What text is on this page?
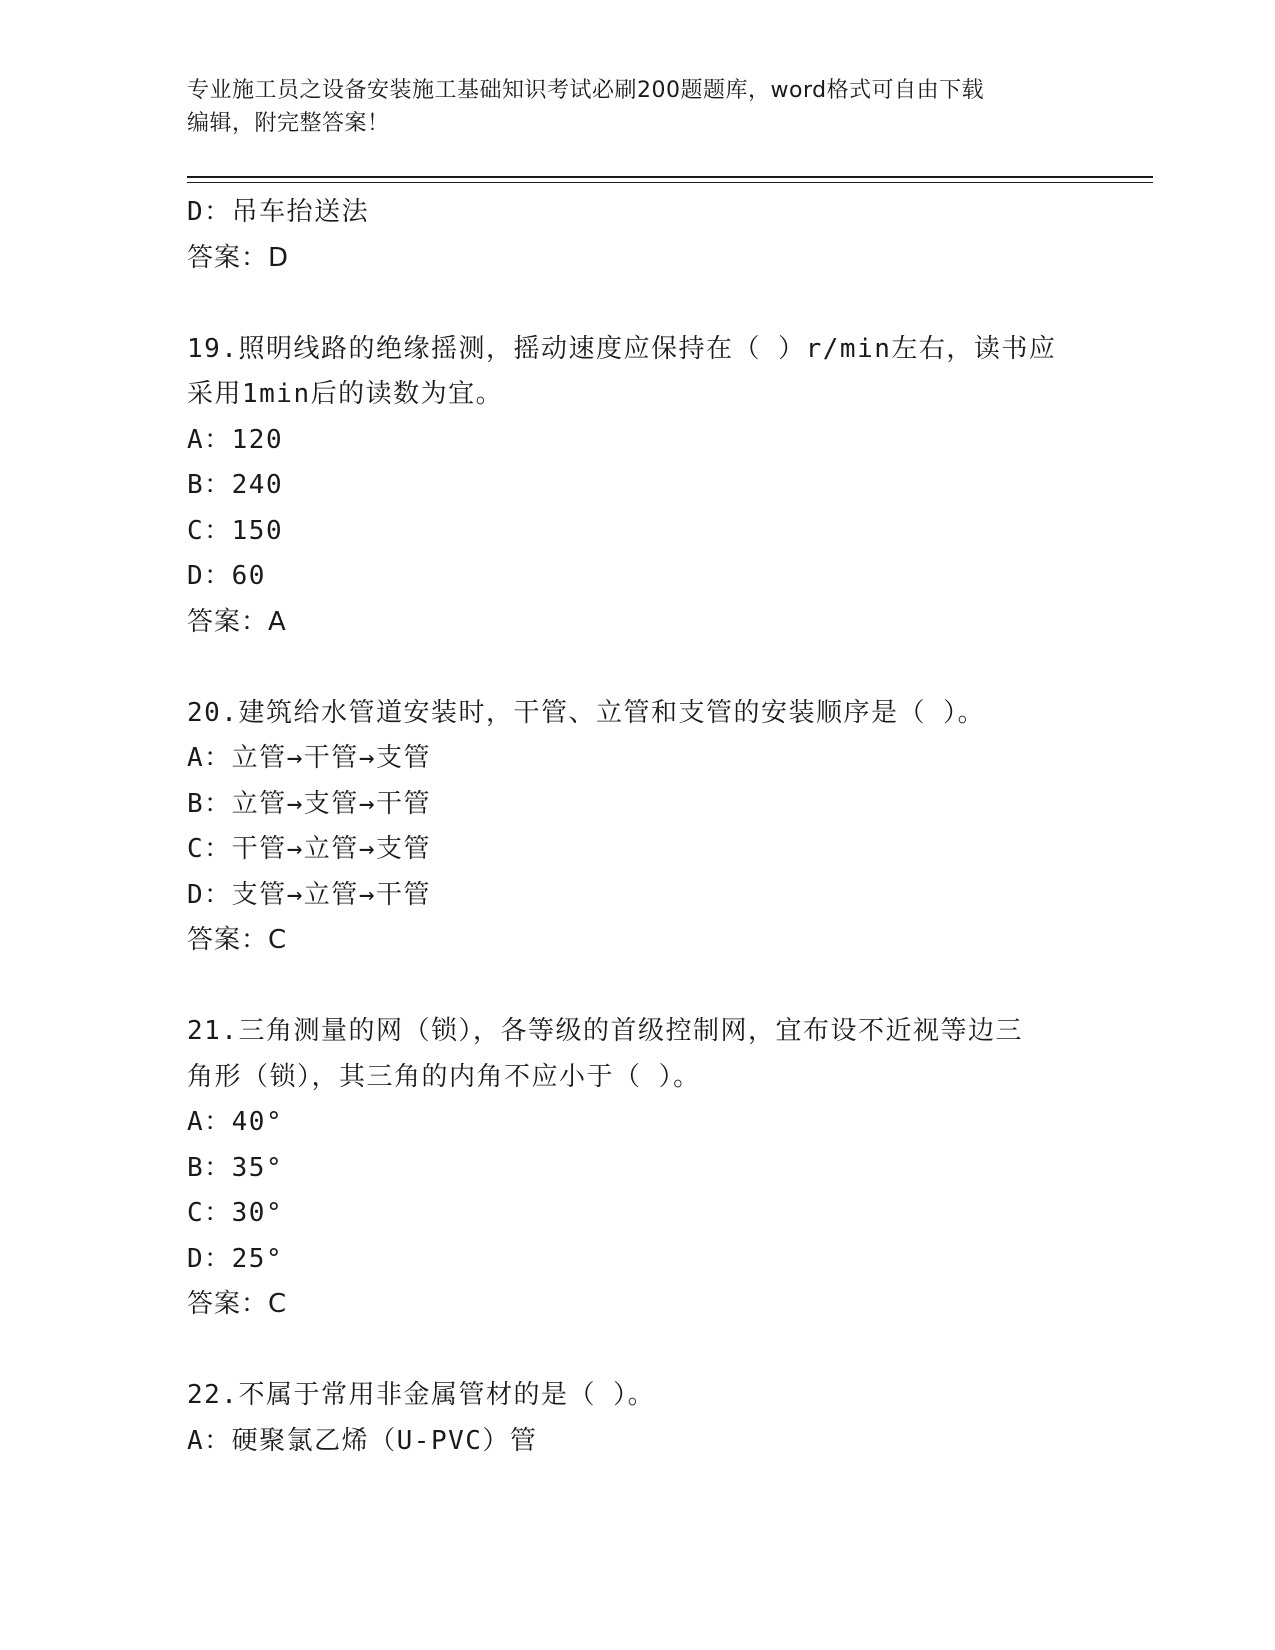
专业施工员之设备安装施工基础知识考试必刷200题题库，word格式可自由下载
编辑，附完整答案！
D：吊车抬送法
答案：D
19.照明线路的绝缘摇测，摇动速度应保持在（ ）r/min左右，读书应
采用1min后的读数为宜。
A：120
B：240
C：150
D：60
答案：A
20.建筑给水管道安装时，干管、立管和支管的安装顺序是（ ）。
A：立管→干管→支管
B：立管→支管→干管
C：干管→立管→支管
D：支管→立管→干管
答案：C
21.三角测量的网（锁），各等级的首级控制网，宜布设不近视等边三
角形（锁），其三角的内角不应小于（ ）。
A：40°
B：35°
C：30°
D：25°
答案：C
22.不属于常用非金属管材的是（ ）。
A：硬聚氯乙烯（U-PVC）管
